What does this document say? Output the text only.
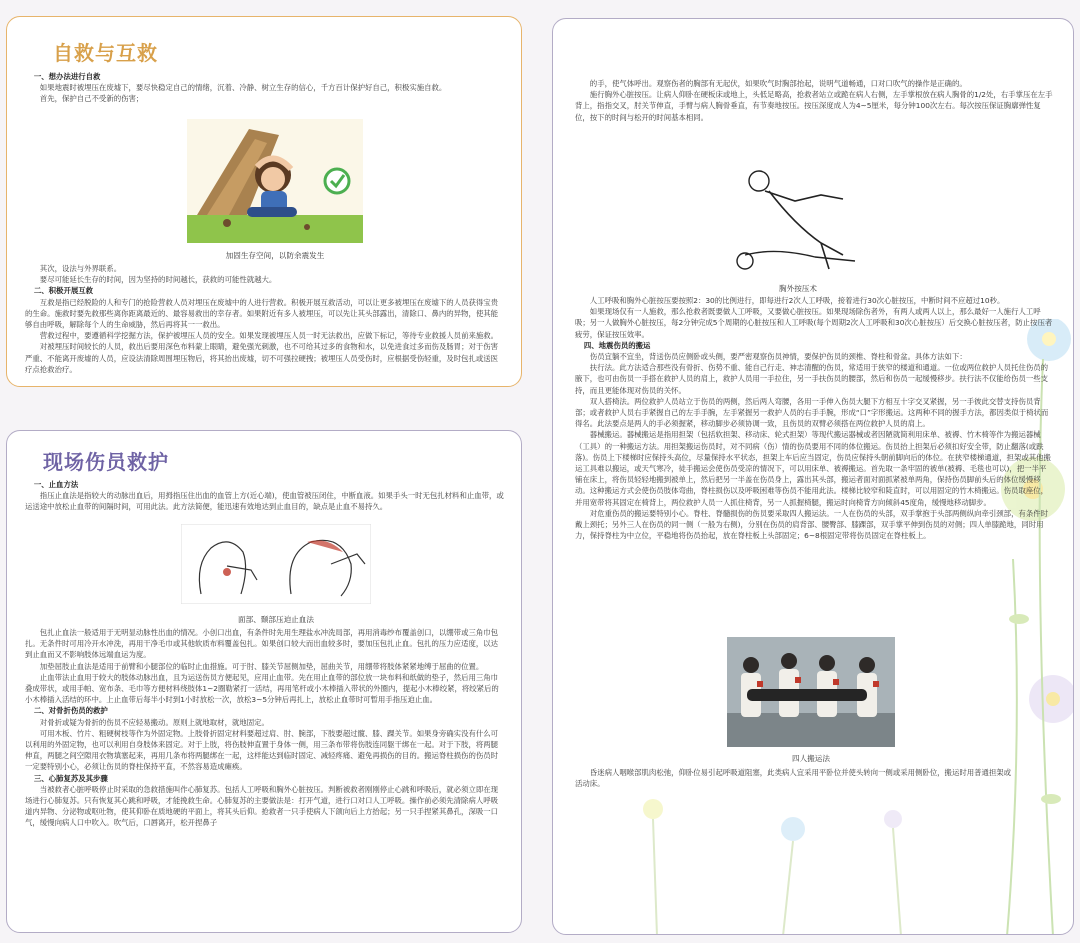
自救与互救

一、想办法进行自救

如果地震时被埋压在废墟下，要尽快稳定自己的情绪，沉着、冷静、树立生存的信心，千方百计保护好自己，积极实施自救。

首先，保护自己不受新的伤害；

加固生存空间，以防余震发生

其次，设法与外界联系。

要尽可能延长生存的时间，因为坚持的时间越长，获救的可能性就越大。

二、积极开展互救

互救是指已经脱险的人和专门的抢险营救人员对埋压在废墟中的人进行营救。积极开展互救活动，可以让更多被埋压在废墟下的人员获得宝贵的生命。施救时要先救那些离你距离最近的、最容易救出的幸存者。如果附近有多人被埋压，可以先让其头部露出，清除口、鼻内的异物，使其能够自由呼吸，解除每个人的生命威胁，然后再将其一一救出。

营救过程中，要遵循科学挖掘方法，保护被埋压人员的安全。如果发现被埋压人员一时无法救出，应做下标记，等待专业救援人员前来施救。

对被埋压时间较长的人员，救出后要用深色布料蒙上眼睛，避免强光刺激，也不可给其过多的食物和水，以免进食过多而伤及肠胃；对于伤害严重、不能离开废墟的人员，应设法清除周围埋压物后，将其抬出废墟，切不可强拉硬拽；被埋压人员受伤时，应根据受伤轻重，及时包扎或送医疗点抢救治疗。

现场伤员救护

一、止血方法

指压止血法是指较大的动脉出血后，用拇指压住出血的血管上方(近心端)，使血管被压闭住，中断血液。如果手头一时无包扎材料和止血带，或运送途中放松止血带的间隔时间，可用此法。此方法简便，能迅速有效地达到止血目的，缺点是止血不易持久。

面部、颞部压迫止血法

包扎止血法一般适用于无明显动脉性出血的情况。小创口出血，有条件时先用生理盐水冲洗局部，再用消毒纱布覆盖创口，以绷带或三角巾包扎。无条件时可用冷开水冲洗，再用干净毛巾或其他软质布料覆盖包扎。如果创口较大而出血较多时，要加压包扎止血。包扎的压力应适度，以达到止血而又不影响肢体远端血运为度。

加垫屈肢止血法是适用于前臂和小腿部位的临时止血措施。可于肘、膝关节屈侧加垫，屈曲关节，用绷带将肢体紧紧地缚于屈曲的位置。

止血带法止血用于较大的肢体动脉出血，且为运送伤员方便起见，应用止血带。先在用止血带的部位放一块布料和纸做的垫子，然后用三角巾叠成带状，或用手帕、宽布条、毛巾等方便材料绕肢体1~2圈勒紧打一活结，再用笔杆或小木棒插入带状的外圈内，提起小木棒绞紧，将绞紧后的小木棒插入活结的环中。上止血带后每半小时到1小时放松一次，放松3~5分钟后再扎上，放松止血带时可暂用手指压迫止血。

二、对骨折伤员的救护

对骨折或疑为骨折的伤员不应轻易搬动。原则上就地取材，就地固定。

可用木板、竹片、粗硬树枝等作为外固定物。上肢骨折固定材料要超过肩、肘、腕部，下肢要超过髋、膝、踝关节。如果身旁确实没有什么可以利用的外固定物，也可以利用自身肢体来固定。对于上肢，将伤肢伸直置于身体一侧，用三条布带将伤肢连同躯干绑在一起。对于下肢，将两腿伸直，两腿之间空隙用衣物填塞起来，再用几条布将两腿绑在一起，这样能达到临时固定、减轻疼痛、避免再损伤的目的。搬运脊柱损伤的伤员时一定要特别小心，必须让伤员的脊柱保持平直，不然容易造成瘫痪。

三、心肺复苏及其步骤

当被救者心脏呼吸停止时采取的急救措施叫作心肺复苏。包括人工呼吸和胸外心脏按压。判断被救者刚刚停止心跳和呼吸后，就必须立即在现场进行心肺复苏。只有恢复其心跳和呼吸，才能挽救生命。心肺复苏的主要做法是：打开气道，进行口对口人工呼吸。操作前必须先清除病人呼吸道内异物、分泌物或呕吐物，使其仰卧在质地硬的平面上，将其头后仰。抢救者一只手使病人下颌向后上方抬起；另一只手捏紧其鼻孔，深吸一口气，缓慢向病人口中吹入。吹气后，口唇离开，松开捏鼻子

的手，使气体呼出。观察伤者的胸部有无起伏，如果吹气时胸部抬起，说明气道畅通，口对口吹气的操作是正确的。

施行胸外心脏按压。让病人仰卧在硬板床或地上，头低足略高，抢救者站立或跪在病人右侧，左手掌根放在病人胸骨的1/2处，右手掌压在左手背上，指指交叉，肘关节伸直，手臂与病人胸骨垂直，有节奏地按压。按压深度成人为4~5厘米，每分钟100次左右。每次按压保证胸廓弹性复位，按下的时间与松开的时间基本相同。

胸外按压术

人工呼吸和胸外心脏按压要按照2：30的比例进行，即每进行2次人工呼吸，接着进行30次心脏按压，中断时间不应超过10秒。

如果现场仅有一人施救，那么抢救者既要做人工呼吸，又要做心脏按压。如果现场除伤者外，有两人或两人以上，那么最好一人施行人工呼吸；另一人做胸外心脏按压，每2分钟完成5个周期的心脏按压和人工呼吸(每个周期2次人工呼吸和30次心脏按压）后交换心脏按压者，防止按压者疲劳，保证按压效率。

四、地震伤员的搬运

伤员宜躺不宜坐，背送伤员应侧卧或头侧，要严密观察伤员神情，要保护伤员的颈椎、脊柱和骨盆。具体方法如下：

扶行法。此方法适合那些没有骨折、伤势不重、能自己行走、神志清醒的伤员，常适用于狭窄的楼道和通道。一位或两位救护人员托住伤员的腋下，也可由伤员一手搭在救护人员的肩上，救护人员用一手拉住，另一手扶伤员的腰部，然后和伤员一起缓慢移步。扶行法不仅能给伤员一些支持，而且更能体现对伤员的关怀。

双人搭椅法。两位救护人员站立于伤员的两侧，然后两人弯腰，各用一手伸入伤员大腿下方相互十字交叉紧握，另一手彼此交替支持伤员背部；或者救护人员右手紧握自己的左手手腕，左手紧握另一救护人员的右手手腕，形成“口”字形搬运。这两种不同的握手方法，都因类似于椅状而得名。此法要点是两人的手必须握紧，移动脚步必须协调一致，且伤员的双臂必须搭在两位救护人员的肩上。

器械搬运。器械搬运是指用担架（包括软担架、移动床、轮式担架）等现代搬运器械或者因陋就简利用床单、被褥、竹木椅等作为搬运器械（工具）的一种搬运方法。用担架搬运伤员时，对不同病（伤）情的伤员要用不同的体位搬运。伤员抬上担架后必须扣好安全带，防止翻落(或跌落)。伤员上下楼梯时应保持头高位，尽量保持水平状态，担架上车后应当固定，伤员应保持头朝前脚向后的体位。在狭窄楼梯通道，担架或其他搬运工具难以搬运，或天气寒冷，徒手搬运会使伤员受凉的情况下，可以用床单、被褥搬运。首先取一条牢固的被单(被褥、毛毯也可以)，把一半平铺在床上，将伤员轻轻地搬到被单上，然后把另一半盖在伤员身上，露出其头部，搬运者面对面抓紧被单两角，保持伤员脚前头后的体位缓慢移动。这种搬运方式会使伤员肢体弯曲，脊柱损伤以及呼吸困难等伤员不能用此法。楼梯比较窄和陡直时，可以用固定的竹木椅搬运。伤员取座位，并用宽带将其固定在椅背上，两位救护人员一人抓住椅背，另一人抓握椅腿，搬运时向椅背方向倾斜45度角，缓慢地移动脚步。

对危重伤员的搬运要特别小心。脊柱、脊髓损伤的伤员要采取四人搬运法。一人在伤员的头部，双手掌抱于头部两侧纵向牵引颈部，有条件时戴上颈托；另外三人在伤员的同一侧（一般为右侧)，分别在伤员的肩背部、腰臀部、膝踝部，双手掌平伸到伤员的对侧；四人单膝跪地，同时用力，保持脊柱为中立位，平稳地将伤员抬起，放在脊柱板上头部固定；6~8根固定带将伤员固定在脊柱板上。

四人搬运法

昏迷病人咽喉部肌肉松弛，仰卧位易引起呼吸道阻塞，此类病人宜采用平卧位并使头转向一侧或采用侧卧位，搬运时用普通担架或活动床。
